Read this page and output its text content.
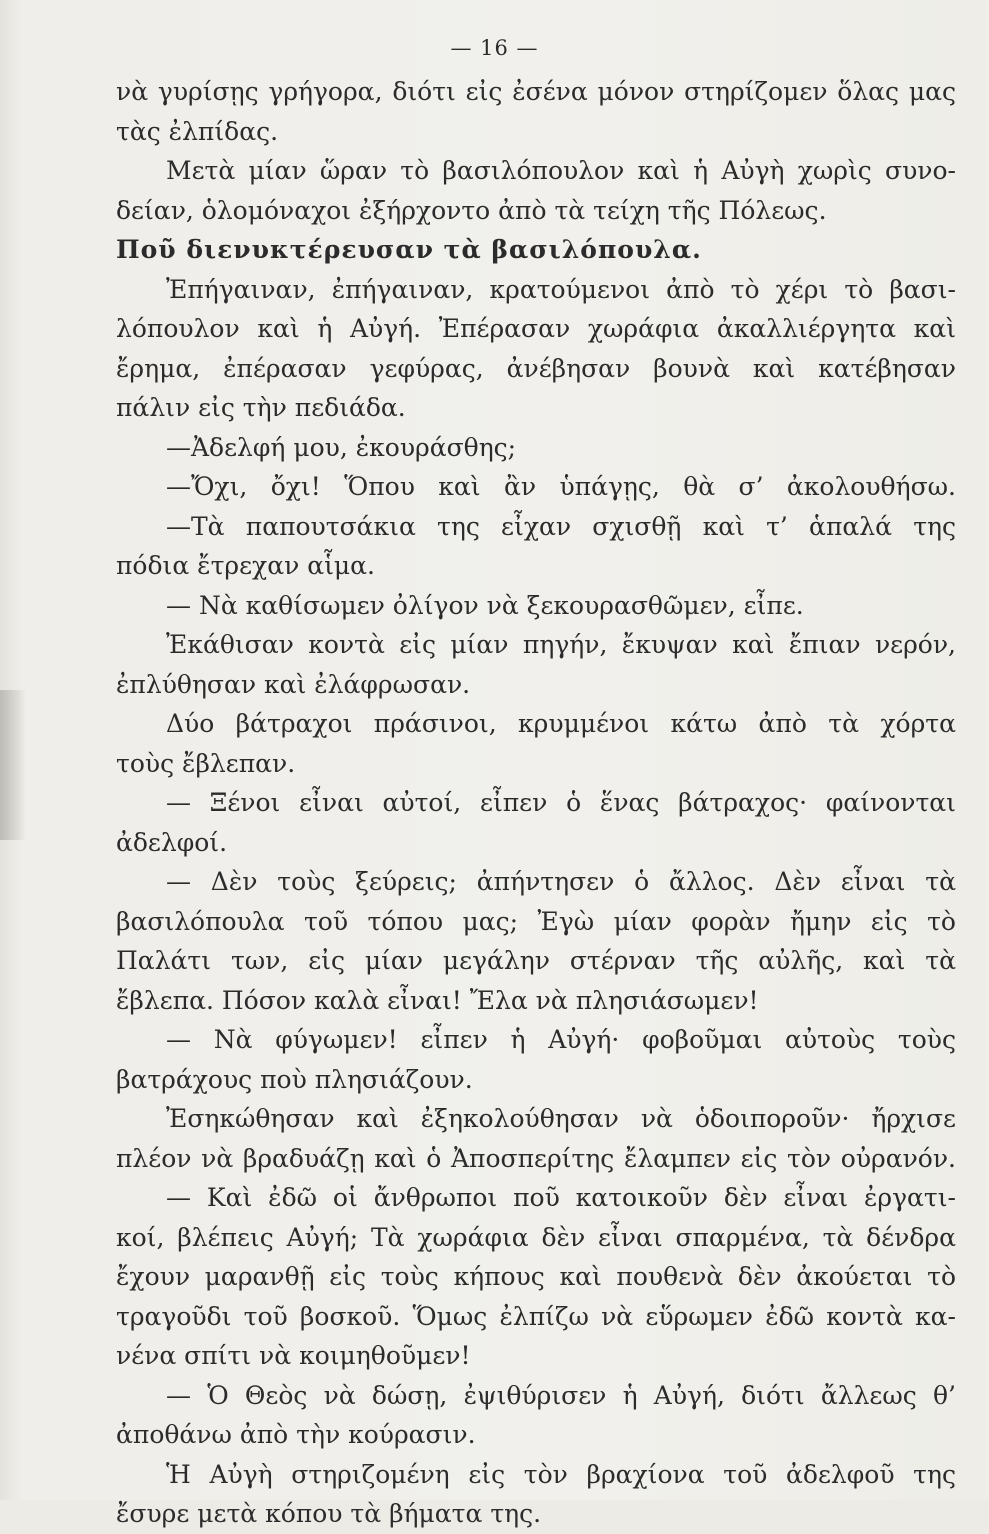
— 16 —
νὰ γυρίσῃς γρήγορα, διότι εἰς ἐσένα μόνον στηρίζομεν ὅλας μας
τὰς ἐλπίδας.
Μετὰ μίαν ὥραν τὸ βασιλόπουλον καὶ ἡ Αὐγὴ χωρὶς συνο-
δείαν, ὁλομόναχοι ἐξήρχοντο ἀπὸ τὰ τείχη τῆς Πόλεως.
Ποῦ διενυκτέρευσαν τὰ βασιλόπουλα.
Ἐπήγαιναν, ἐπήγαιναν, κρατούμενοι ἀπὸ τὸ χέρι τὸ βασι-
λόπουλον καὶ ἡ Αὐγή. Ἐπέρασαν χωράφια ἀκαλλιέργητα καὶ
ἔρημα, ἐπέρασαν γεφύρας, ἀνέβησαν βουνὰ καὶ κατέβησαν
πάλιν εἰς τὴν πεδιάδα.
—Ἀδελφή μου, ἐκουράσθης;
—Ὄχι, ὄχι! Ὅπου καὶ ἂν ὑπάγῃς, θὰ σ’ ἀκολουθήσω.
—Τὰ παπουτσάκια της εἶχαν σχισθῇ καὶ τ’ ἁπαλά της
πόδια ἔτρεχαν αἷμα.
— Νὰ καθίσωμεν ὀλίγον νὰ ξεκουρασθῶμεν, εἶπε.
Ἐκάθισαν κοντὰ εἰς μίαν πηγήν, ἔκυψαν καὶ ἔπιαν νερόν,
ἐπλύθησαν καὶ ἐλάφρωσαν.
Δύο βάτραχοι πράσινοι, κρυμμένοι κάτω ἀπὸ τὰ χόρτα
τοὺς ἔβλεπαν.
— Ξένοι εἶναι αὐτοί, εἶπεν ὁ ἕνας βάτραχος· φαίνονται
ἀδελφοί.
— Δὲν τοὺς ξεύρεις; ἀπήντησεν ὁ ἄλλος. Δὲν εἶναι τὰ
βασιλόπουλα τοῦ τόπου μας; Ἐγὼ μίαν φορὰν ἤμην εἰς τὸ
Παλάτι των, εἰς μίαν μεγάλην στέρναν τῆς αὐλῆς, καὶ τὰ
ἔβλεπα. Πόσον καλὰ εἶναι! Ἔλα νὰ πλησιάσωμεν!
— Νὰ φύγωμεν! εἶπεν ἡ Αὐγή· φοβοῦμαι αὐτοὺς τοὺς
βατράχους ποὺ πλησιάζουν.
Ἐσηκώθησαν καὶ ἐξηκολούθησαν νὰ ὁδοιποροῦν· ἤρχισε
πλέον νὰ βραδυάζῃ καὶ ὁ Ἀποσπερίτης ἔλαμπεν εἰς τὸν οὐρανόν.
— Καὶ ἐδῶ οἱ ἄνθρωποι ποῦ κατοικοῦν δὲν εἶναι ἐργατι-
κοί, βλέπεις Αὐγή; Τὰ χωράφια δὲν εἶναι σπαρμένα, τὰ δένδρα
ἔχουν μαρανθῇ εἰς τοὺς κήπους καὶ πουθενὰ δὲν ἀκούεται τὸ
τραγοῦδι τοῦ βοσκοῦ. Ὅμως ἐλπίζω νὰ εὕρωμεν ἐδῶ κοντὰ κα-
νένα σπίτι νὰ κοιμηθοῦμεν!
— Ὁ Θεὸς νὰ δώσῃ, ἐψιθύρισεν ἡ Αὐγή, διότι ἄλλεως θ’
ἀποθάνω ἀπὸ τὴν κούρασιν.
Ἡ Αὐγὴ στηριζομένη εἰς τὸν βραχίονα τοῦ ἀδελφοῦ της
ἔσυρε μετὰ κόπου τὰ βήματα της.
